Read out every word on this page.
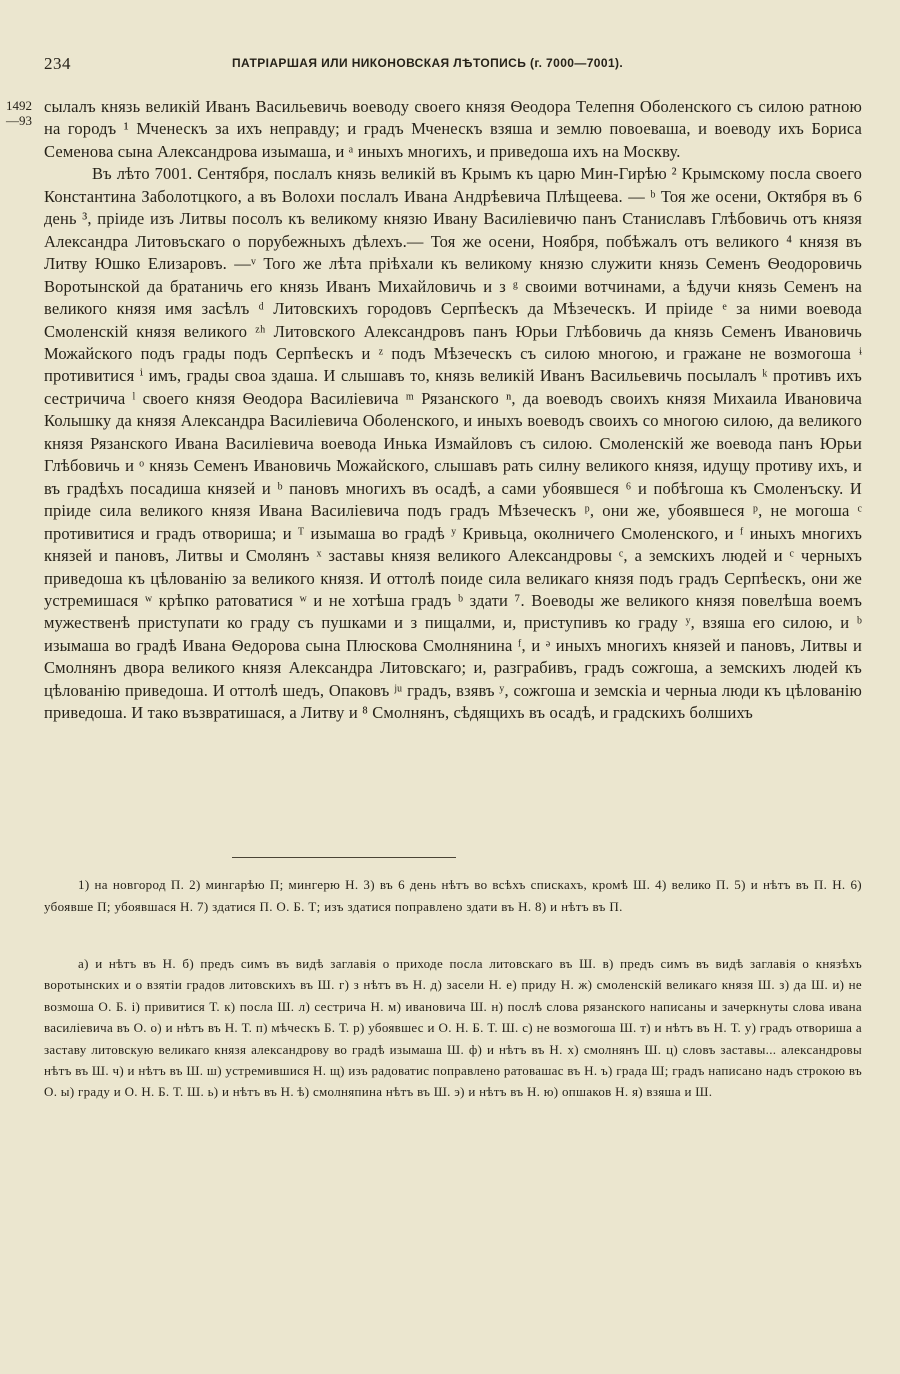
234	ПАТРІАРШАЯ ИЛИ НИКОНОВСКАЯ ЛѢТОПИСЬ (г. 7000—7001).
1492
—93

сылалъ князь великій Иванъ Васильевичь воеводу своего князя Ѳеодора Телепня Оболенского съ силою ратною на городъ ¹ Мченескъ за ихъ неправду; и градъ Мченескъ взяша и землю повоеваша, и воеводу ихъ Бориса Семенова сына Александрова изымаша, и ᵃ иныхъ многихъ, и приведоша ихъ на Москву.

Въ лѣто 7001. Сентября, послалъ князь великій въ Крымъ къ царю Мин-Гирѣю ² Крымскому посла своего Константина Заболотцкого, а въ Волохи послалъ Ивана Андрѣевича Плѣщеева. — ᵇ Тоя же осени, Октября въ 6 день ³, пріиде изъ Литвы посолъ къ великому князю Ивану Василіевичю панъ Станиславъ Глѣбовичь отъ князя Александра Литовъскаго о порубежныхъ дѣлехъ.— Тоя же осени, Ноября, побѣжалъ отъ великого ⁴ князя въ Литву Юшко Елизаровъ. —ᵛ Того же лѣта пріѣхали къ великому князю служити князь Семенъ Ѳеодоровичь Воротынской да братаничь его князь Иванъ Михайловичь и з ᵍ своими вотчинами, а ѣдучи князь Семенъ на великого князя имя засѣлъ ᵈ Литовскихъ городовъ Серпѣескъ да Мѣзеческъ. И пріиде ᵉ за ними воевода Смоленскій князя великого ᶻʰ Литовского Александровъ панъ Юрьи Глѣбовичь да князь Семенъ Ивановичь Можайского подъ грады подъ Серпѣескъ и ᶻ подъ Мѣзеческъ съ силою многою, и гражане не возмогоша ᶤ противитися ⁱ имъ, грады своа здаша. И слышавъ то, князь великій Иванъ Васильевичь посылалъ ᵏ противъ ихъ сестричича ˡ своего князя Ѳеодора Василіевича ᵐ Рязанского ⁿ, да воеводъ своихъ князя Михаила Ивановича Колышку да князя Александра Василіевича Оболенского, и иныхъ воеводъ своихъ со многою силою, да великого князя Рязанского Ивана Василіевича воевода Инька Измайловъ съ силою. Смоленскій же воевода панъ Юрьи Глѣбовичь и ᵒ князь Семенъ Ивановичь Можайского, слышавъ рать силну великого князя, идущу противу ихъ, и въ градѣхъ посадиша князей и ᵇ пановъ многихъ въ осадѣ, а сами убоявшеся ⁶ и побѣгоша къ Смоленъску. И пріиде сила великого князя Ивана Василіевича подъ градъ Мѣзеческъ ᵖ, они же, убоявшеся ᵖ, не могоша ᶜ противитися и градъ отвориша; и ᵀ изымаша во градѣ ʸ Кривьца, околничего Смоленского, и ᶠ иныхъ многихъ князей и пановъ, Литвы и Смолянъ ˣ заставы князя великого Александровы ᶜ, а земскихъ людей и ᶜ черныхъ приведоша къ цѣлованію за великого князя. И оттолѣ поиде сила великаго князя подъ градъ Серпѣескъ, они же устремишася ʷ крѣпко ратоватися ʷ и не хотѣша градъ ᵇ здати ⁷. Воеводы же великого князя повелѣша воемъ мужественѣ приступати ко граду съ пушками и з пищалми, и, приступивъ ко граду ʸ, взяша его силою, и ᵇ изымаша во градѣ Ивана Ѳедорова сына Плюскова Смолнянина ᶠ, и ᵊ иныхъ многихъ князей и пановъ, Литвы и Смолнянъ двора великого князя Александра Литовскаго; и, разграбивъ, градъ сожгоша, а земскихъ людей къ цѣлованію приведоша. И оттолѣ шедъ, Опаковъ ʲᵘ градъ, взявъ ʸ, сожгоша и земскіа и черныа люди къ цѣлованію приведоша. И тако възвратишася, а Литву и ⁸ Смолнянъ, сѣдящихъ въ осадѣ, и градскихъ болшихъ

1) на новгород П. 2) мингарѣю П; мингерю Н. 3) въ 6 день нѣтъ во всѣхъ спискахъ, кромѣ Ш. 4) велико П. 5) и нѣтъ въ П. Н. 6) убоявше П; убоявшася Н. 7) здатися П. О. Б. Т; изъ здатися поправлено здати въ Н. 8) и нѣтъ въ П.

а) и нѣтъ въ Н. б) предъ симъ въ видѣ заглавія о приходе посла литовскаго въ Ш. в) предъ симъ въ видѣ заглавія о князѣхъ воротынских и о взятіи градов литовскихъ въ Ш. г) з нѣтъ въ Н. д) засели Н. е) приду Н. ж) смоленскій великаго князя Ш. з) да Ш. и) не возмоша О. Б. і) привитися Т. к) посла Ш. л) сестрича Н. м) ивановича Ш. н) послѣ слова рязанского написаны и зачеркнуты слова ивана василіевича въ О. о) и нѣтъ въ Н. Т. п) мѣческъ Б. Т. р) убоявшес и О. Н. Б. Т. Ш. с) не возмогоша Ш. т) и нѣтъ въ Н. Т. у) градъ отвориша а заставу литовскую великаго князя александрову во градѣ изымаша Ш. ф) и нѣтъ въ Н. х) смолнянъ Ш. ц) словъ заставы... александровы нѣтъ въ Ш. ч) и нѣтъ въ Ш. ш) устремившися Н. щ) изъ радоватис поправлено ратовашас въ Н. ъ) града Ш; градъ написано надъ строкою въ О. ы) граду и О. Н. Б. Т. Ш. ь) и нѣтъ въ Н. ѣ) смолняпина нѣтъ въ Ш. э) и нѣтъ въ Н. ю) опшаков Н. я) взяша и Ш.
